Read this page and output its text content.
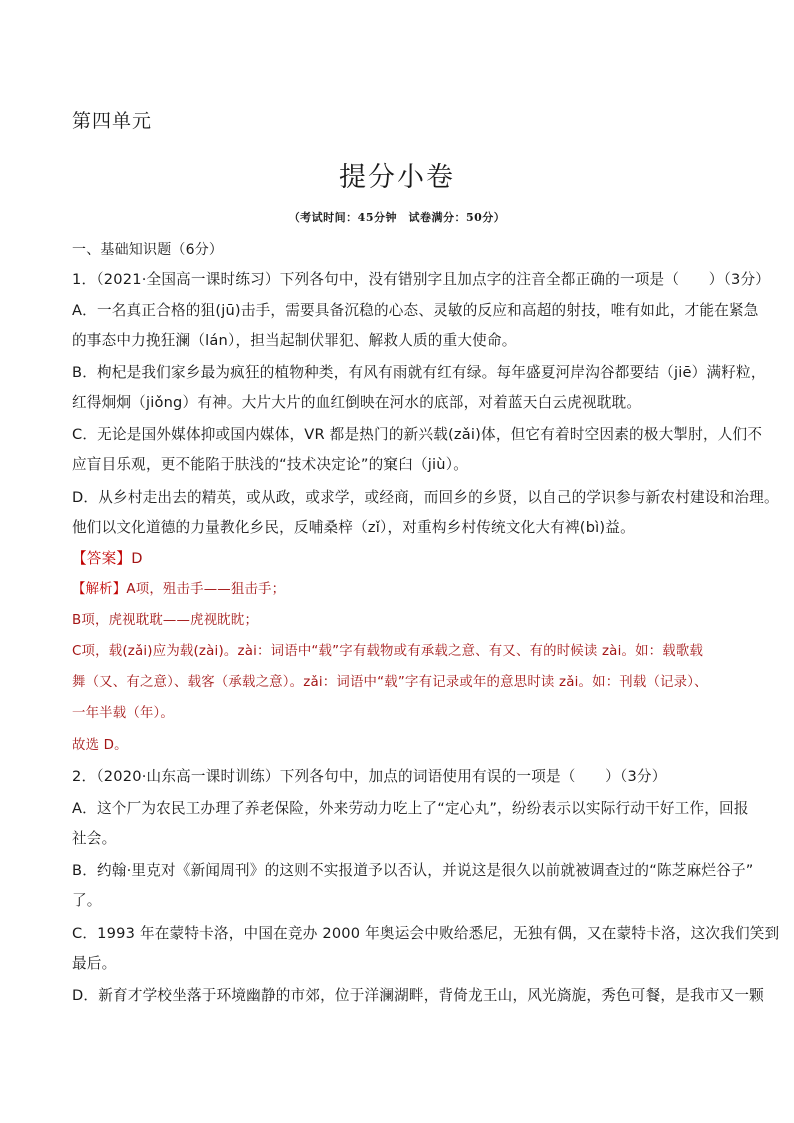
第四单元
提分小卷
（考试时间：45分钟　试卷满分：50分）
一、基础知识题（6分）
1．（2021·全国高一课时练习）下列各句中，没有错别字且加点字的注音全都正确的一项是（　　）（3分）
A．一名真正合格的狙(jū)击手，需要具备沉稳的心态、灵敏的反应和高超的射技，唯有如此，才能在紧急
的事态中力挽狂澜（lán），担当起制伏罪犯、解救人质的重大使命。
B．枸杞是我们家乡最为疯狂的植物种类，有风有雨就有红有绿。每年盛夏河岸沟谷都要结（jiē）满籽粒，
红得炯炯（jiǒng）有神。大片大片的血红倒映在河水的底部，对着蓝天白云虎视耽耽。
C．无论是国外媒体抑或国内媒体，VR 都是热门的新兴载(zǎi)体，但它有着时空因素的极大掣肘，人们不
应盲目乐观，更不能陷于肤浅的“技术决定论”的窠臼（jiù）。
D．从乡村走出去的精英，或从政，或求学，或经商，而回乡的乡贤，以自己的学识参与新农村建设和治理。
他们以文化道德的力量教化乡民，反哺桑梓（zǐ），对重构乡村传统文化大有裨(bì)益。
【答案】D
【解析】A项，殂击手——狙击手；
B项，虎视耽耽——虎视眈眈；
C项，载(zǎi)应为载(zài)。zài：词语中“载”字有载物或有承载之意、有又、有的时候读 zài。如：载歌载
舞（又、有之意）、载客（承载之意）。zǎi：词语中“载”字有记录或年的意思时读 zǎi。如：刊载（记录）、
一年半载（年）。
故选 D。
2．（2020·山东高一课时训练）下列各句中，加点的词语使用有误的一项是（　　）（3分）
A．这个厂为农民工办理了养老保险，外来劳动力吃上了“定心丸”，纷纷表示以实际行动干好工作，回报
社会。
B．约翰·里克对《新闻周刊》的这则不实报道予以否认，并说这是很久以前就被调查过的“陈芝麻烂谷子”
了。
C．1993 年在蒙特卡洛，中国在竞办 2000 年奥运会中败给悉尼，无独有偶，又在蒙特卡洛，这次我们笑到
最后。
D．新育才学校坐落于环境幽静的市郊，位于洋澜湖畔，背倚龙王山，风光旖旎，秀色可餐，是我市又一颗
